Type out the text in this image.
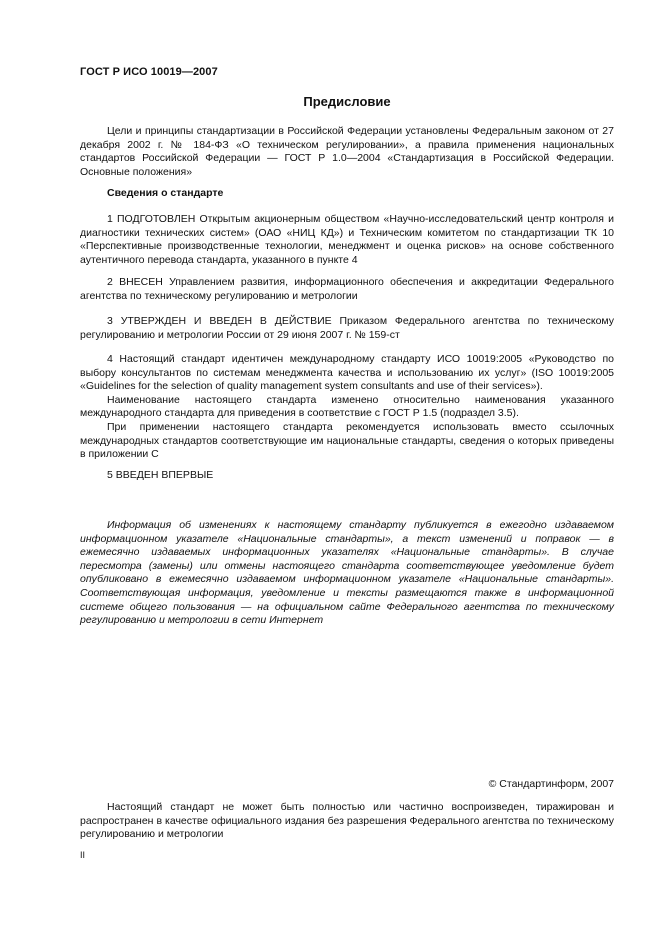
ГОСТ Р ИСО 10019—2007
Предисловие

Цели и принципы стандартизации в Российской Федерации установлены Федеральным законом от 27 декабря 2002 г. № 184-ФЗ «О техническом регулировании», а правила применения национальных стандартов Российской Федерации — ГОСТ Р 1.0—2004 «Стандартизация в Российской Федерации. Основные положения»

Сведения о стандарте

1 ПОДГОТОВЛЕН Открытым акционерным обществом «Научно-исследовательский центр контроля и диагностики технических систем» (ОАО «НИЦ КД») и Техническим комитетом по стандартизации ТК 10 «Перспективные производственные технологии, менеджмент и оценка рисков» на основе собственного аутентичного перевода стандарта, указанного в пункте 4

2 ВНЕСЕН Управлением развития, информационного обеспечения и аккредитации Федерального агентства по техническому регулированию и метрологии

3 УТВЕРЖДЕН И ВВЕДЕН В ДЕЙСТВИЕ Приказом Федерального агентства по техническому регулированию и метрологии России от 29 июня 2007 г. № 159-ст

4 Настоящий стандарт идентичен международному стандарту ИСО 10019:2005 «Руководство по выбору консультантов по системам менеджмента качества и использованию их услуг» (ISO 10019:2005 «Guidelines for the selection of quality management system consultants and use of their services»).

Наименование настоящего стандарта изменено относительно наименования указанного международного стандарта для приведения в соответствие с ГОСТ Р 1.5 (подраздел 3.5).

При применении настоящего стандарта рекомендуется использовать вместо ссылочных международных стандартов соответствующие им национальные стандарты, сведения о которых приведены в приложении С

5 ВВЕДЕН ВПЕРВЫЕ

Информация об изменениях к настоящему стандарту публикуется в ежегодно издаваемом информационном указателе «Национальные стандарты», а текст изменений и поправок — в ежемесячно издаваемых информационных указателях «Национальные стандарты». В случае пересмотра (замены) или отмены настоящего стандарта соответствующее уведомление будет опубликовано в ежемесячно издаваемом информационном указателе «Национальные стандарты». Соответствующая информация, уведомление и тексты размещаются также в информационной системе общего пользования — на официальном сайте Федерального агентства по техническому регулированию и метрологии в сети Интернет

© Стандартинформ, 2007

Настоящий стандарт не может быть полностью или частично воспроизведен, тиражирован и распространен в качестве официального издания без разрешения Федерального агентства по техническому регулированию и метрологии

II
